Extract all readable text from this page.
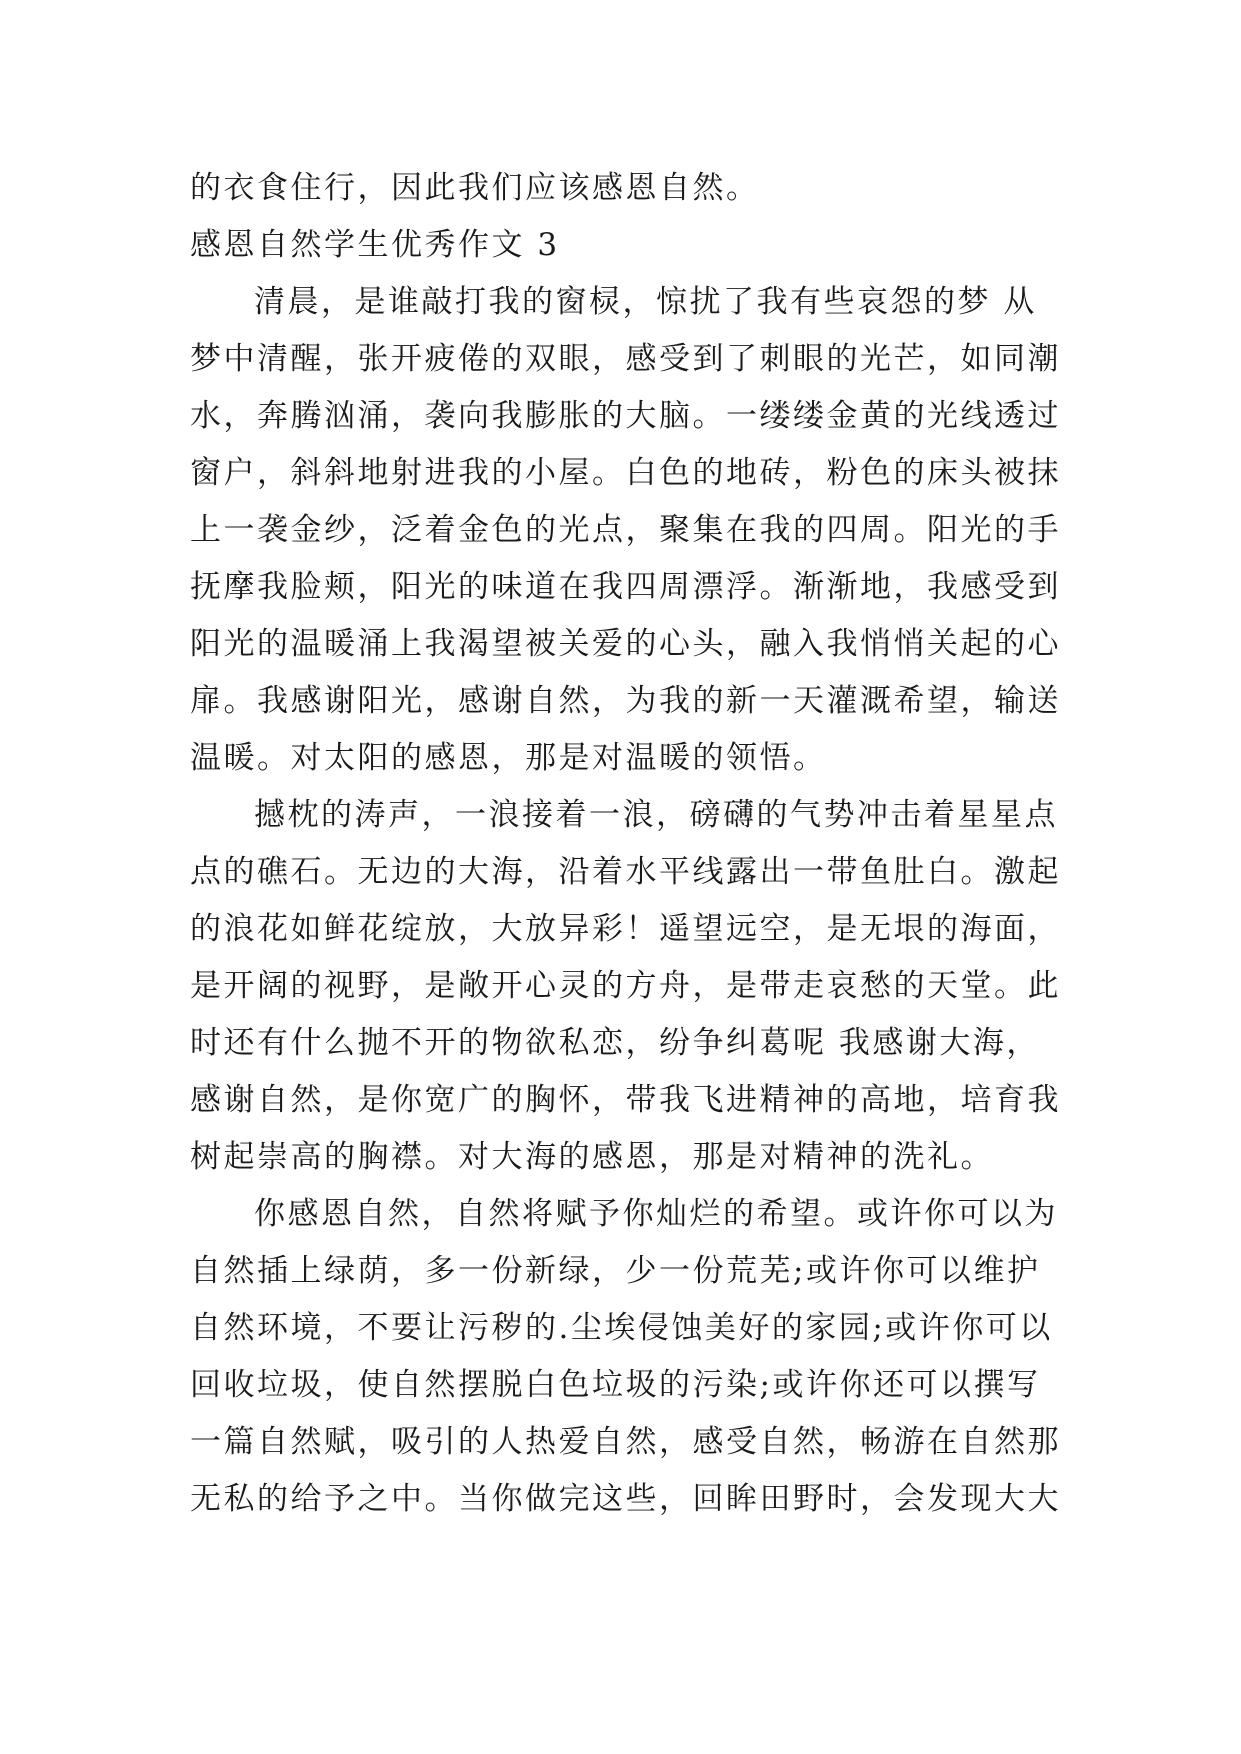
的衣食住行，因此我们应该感恩自然。
感恩自然学生优秀作文 3
清晨，是谁敲打我的窗棂，惊扰了我有些哀怨的梦 从
梦中清醒，张开疲倦的双眼，感受到了刺眼的光芒，如同潮
水，奔腾汹涌，袭向我膨胀的大脑。一缕缕金黄的光线透过
窗户，斜斜地射进我的小屋。白色的地砖，粉色的床头被抹
上一袭金纱，泛着金色的光点，聚集在我的四周。阳光的手
抚摩我脸颊，阳光的味道在我四周漂浮。渐渐地，我感受到
阳光的温暖涌上我渴望被关爱的心头，融入我悄悄关起的心
扉。我感谢阳光，感谢自然，为我的新一天灌溉希望，输送
温暖。对太阳的感恩，那是对温暖的领悟。
撼枕的涛声，一浪接着一浪，磅礴的气势冲击着星星点
点的礁石。无边的大海，沿着水平线露出一带鱼肚白。激起
的浪花如鲜花绽放，大放异彩！遥望远空，是无垠的海面，
是开阔的视野，是敞开心灵的方舟，是带走哀愁的天堂。此
时还有什么抛不开的物欲私恋，纷争纠葛呢 我感谢大海，
感谢自然，是你宽广的胸怀，带我飞进精神的高地，培育我
树起崇高的胸襟。对大海的感恩，那是对精神的洗礼。
你感恩自然，自然将赋予你灿烂的希望。或许你可以为
自然插上绿荫，多一份新绿，少一份荒芜;或许你可以维护
自然环境，不要让污秽的.尘埃侵蚀美好的家园;或许你可以
回收垃圾，使自然摆脱白色垃圾的污染;或许你还可以撰写
一篇自然赋，吸引的人热爱自然，感受自然，畅游在自然那
无私的给予之中。当你做完这些，回眸田野时，会发现大大
